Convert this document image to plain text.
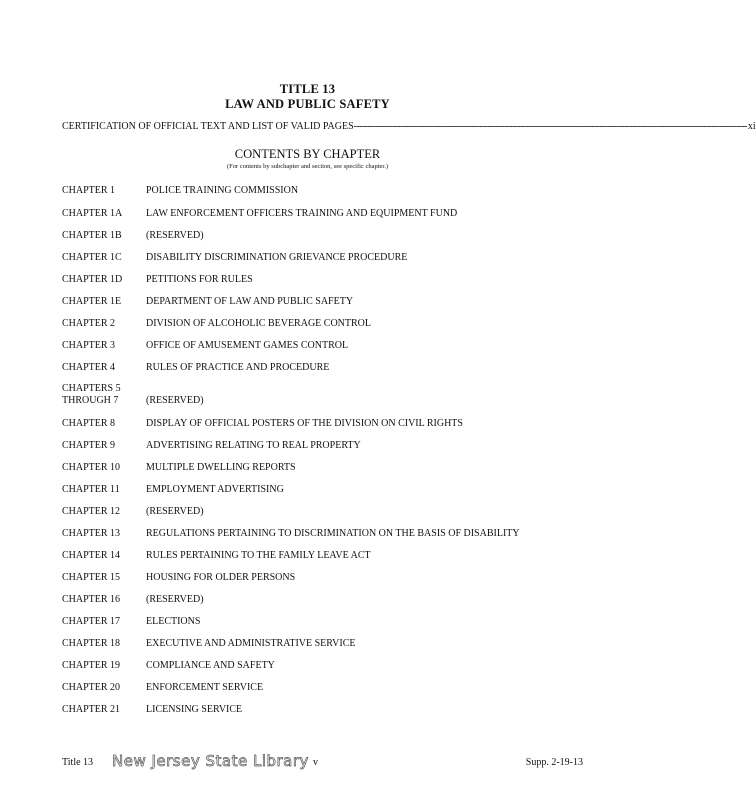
TITLE 13
LAW AND PUBLIC SAFETY
CERTIFICATION OF OFFICIAL TEXT AND LIST OF VALID PAGES ------------------------------------------------------------------------------------------------------------------------------------------------ xi
CONTENTS BY CHAPTER
(For contents by subchapter and section, see specific chapter.)
CHAPTER 1	POLICE TRAINING COMMISSION
CHAPTER 1A	LAW ENFORCEMENT OFFICERS TRAINING AND EQUIPMENT FUND
CHAPTER 1B	(RESERVED)
CHAPTER 1C	DISABILITY DISCRIMINATION GRIEVANCE PROCEDURE
CHAPTER 1D	PETITIONS FOR RULES
CHAPTER 1E	DEPARTMENT OF LAW AND PUBLIC SAFETY
CHAPTER 2	DIVISION OF ALCOHOLIC BEVERAGE CONTROL
CHAPTER 3	OFFICE OF AMUSEMENT GAMES CONTROL
CHAPTER 4	RULES OF PRACTICE AND PROCEDURE
CHAPTERS 5
THROUGH 7	(RESERVED)
CHAPTER 8	DISPLAY OF OFFICIAL POSTERS OF THE DIVISION ON CIVIL RIGHTS
CHAPTER 9	ADVERTISING RELATING TO REAL PROPERTY
CHAPTER 10	MULTIPLE DWELLING REPORTS
CHAPTER 11	EMPLOYMENT ADVERTISING
CHAPTER 12	(RESERVED)
CHAPTER 13	REGULATIONS PERTAINING TO DISCRIMINATION ON THE BASIS OF DISABILITY
CHAPTER 14	RULES PERTAINING TO THE FAMILY LEAVE ACT
CHAPTER 15	HOUSING FOR OLDER PERSONS
CHAPTER 16	(RESERVED)
CHAPTER 17	ELECTIONS
CHAPTER 18	EXECUTIVE AND ADMINISTRATIVE SERVICE
CHAPTER 19	COMPLIANCE AND SAFETY
CHAPTER 20	ENFORCEMENT SERVICE
CHAPTER 21	LICENSING SERVICE
Title 13 New Jersey State Library v	Supp. 2-19-13
